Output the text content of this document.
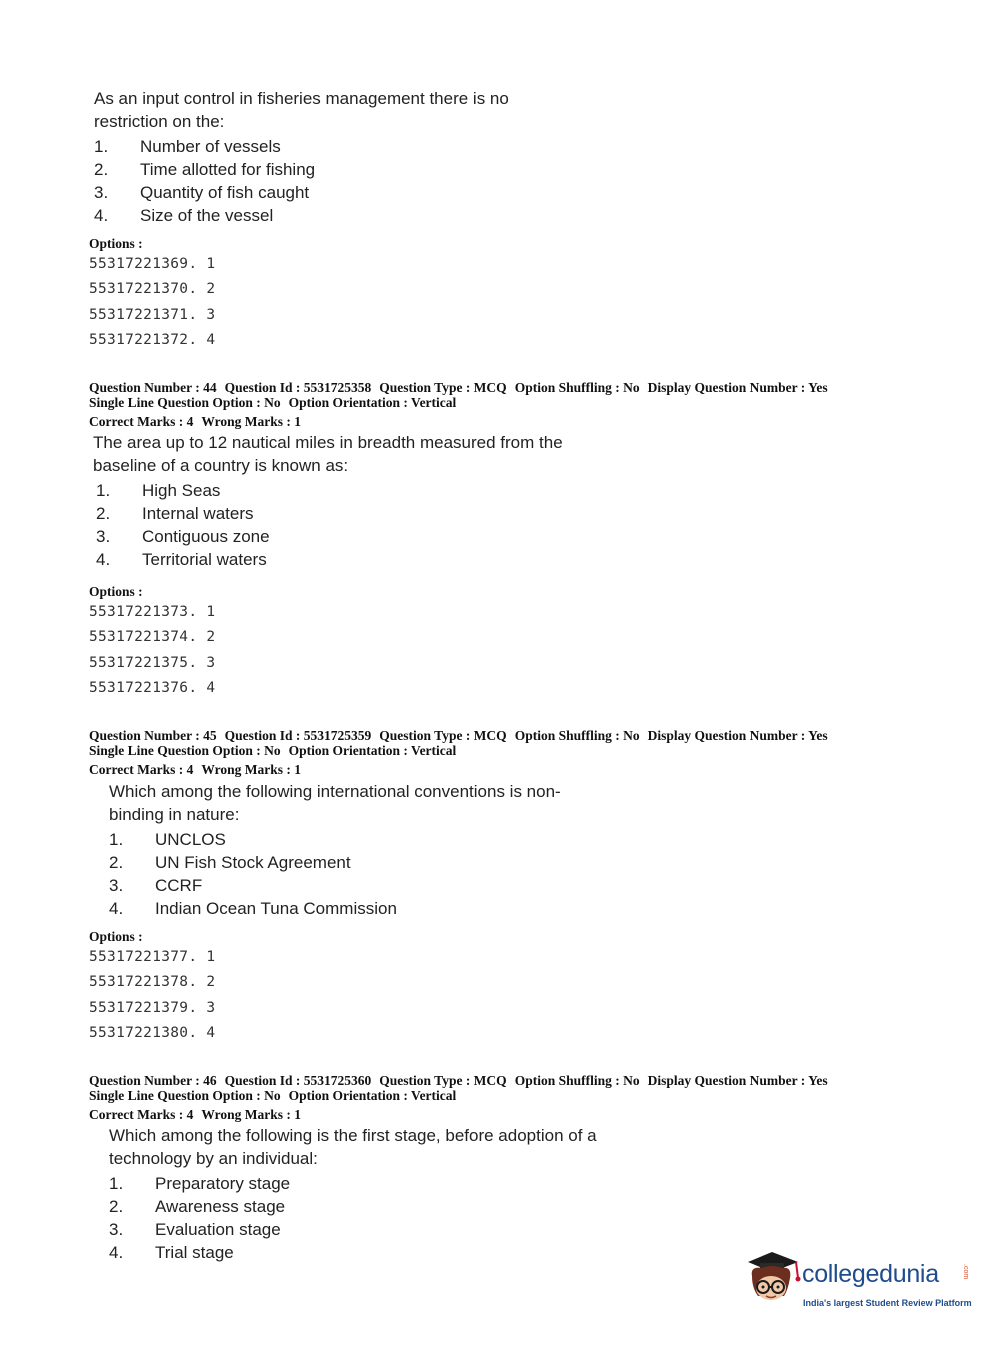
As an input control in fisheries management there is no

restriction on the:

1.	Number of vessels
2.	Time allotted for fishing
3.	Quantity of fish caught
4.	Size of the vessel
Options :
55317221369. 1
55317221370. 2
55317221371. 3
55317221372. 4
Question Number : 44 Question Id : 5531725358 Question Type : MCQ Option Shuffling : No Display Question Number : Yes
Single Line Question Option : No Option Orientation : Vertical
Correct Marks : 4 Wrong Marks : 1

The area up to 12 nautical miles in breadth measured from the

baseline of a country is known as:

1.	High Seas
2.	Internal waters
3.	Contiguous zone
4.	Territorial waters
Options :
55317221373. 1
55317221374. 2
55317221375. 3
55317221376. 4
Question Number : 45 Question Id : 5531725359 Question Type : MCQ Option Shuffling : No Display Question Number : Yes
Single Line Question Option : No Option Orientation : Vertical
Correct Marks : 4 Wrong Marks : 1

Which among the following international conventions is non-

binding in nature:

1.	UNCLOS
2.	UN Fish Stock Agreement
3.	CCRF
4.	Indian Ocean Tuna Commission
Options :
55317221377. 1
55317221378. 2
55317221379. 3
55317221380. 4
Question Number : 46 Question Id : 5531725360 Question Type : MCQ Option Shuffling : No Display Question Number : Yes
Single Line Question Option : No Option Orientation : Vertical
Correct Marks : 4 Wrong Marks : 1

Which among the following is the first stage, before adoption of a

technology by an individual:

1.	Preparatory stage
2.	Awareness stage
3.	Evaluation stage
4.	Trial stage
collegedunia	.com
India's largest Student Review Platform
